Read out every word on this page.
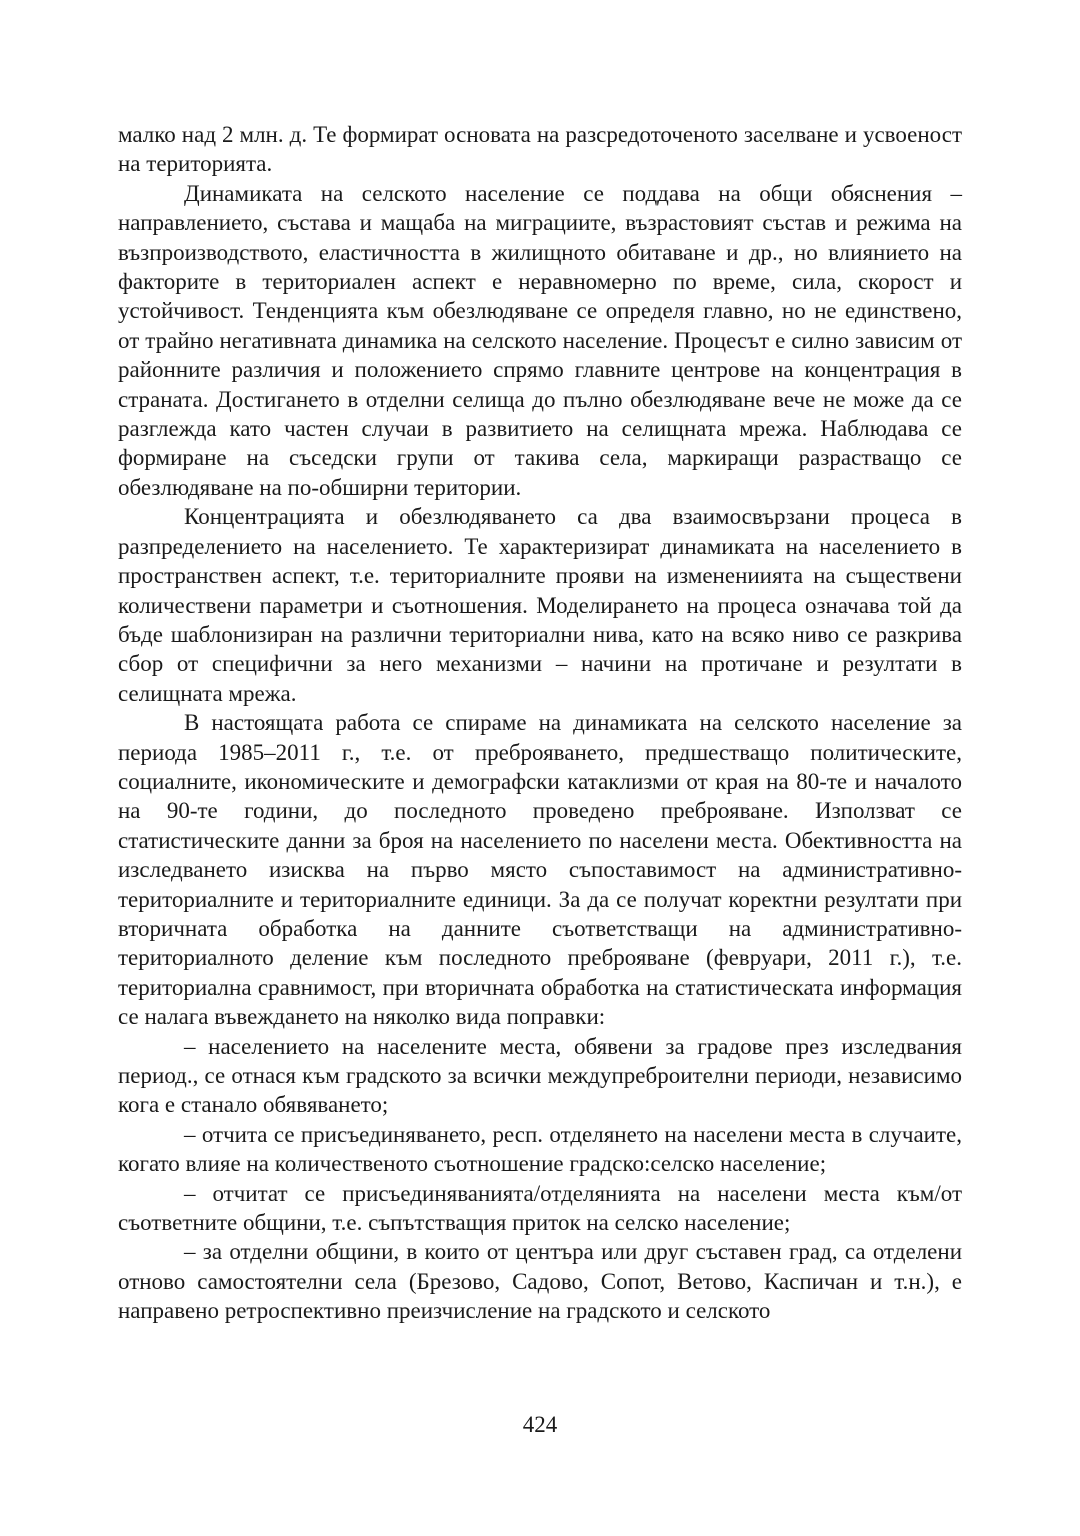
малко над 2 млн. д. Те формират основата на разсредоточеното заселване и усвоеност на територията.

Динамиката на селското население се поддава на общи обяснения – направлението, състава и мащаба на миграциите, възрастовият състав и режима на възпроизводството, еластичността в жилищното обитаване и др., но влиянието на факторите в териториален аспект е неравномерно по време, сила, скорост и устойчивост. Тенденцията към обезлюдяване се определя главно, но не единствено, от трайно негативната динамика на селското население. Процесът е силно зависим от районните различия и положението спрямо главните центрове на концентрация в страната. Достигането в отделни селища до пълно обезлюдяване вече не може да се разглежда като частен случаи в развитието на селищната мрежа. Наблюдава се формиране на съседски групи от такива села, маркиращи разрастващо се обезлюдяване на по-обширни територии.

Концентрацията и обезлюдяването са два взаимосвързани процеса в разпределението на населението. Те характеризират динамиката на населението в пространствен аспект, т.е. териториалните прояви на изменениията на съществени количествени параметри и съотношения. Моделирането на процеса означава той да бъде шаблонизиран на различни териториални нива, като на всяко ниво се разкрива сбор от специфични за него механизми – начини на протичане и резултати в селищната мрежа.

В настоящата работа се спираме на динамиката на селското население за периода 1985–2011 г., т.е. от преброяването, предшестващо политическите, социалните, икономическите и демографски катаклизми от края на 80-те и началото на 90-те години, до последното проведено преброяване. Използват се статистическите данни за броя на населението по населени места. Обективността на изследването изисква на първо място съпоставимост на административно-териториалните и териториалните единици. За да се получат коректни резултати при вторичната обработка на данните съответстващи на административно-териториалното деление към последното преброяване (февруари, 2011 г.), т.е. териториална сравнимост, при вторичната обработка на статистическата информация се налага въвеждането на няколко вида поправки:

– населението на населените места, обявени за градове през изследвания период., се отнася към градското за всички междупреброителни периоди, независимо кога е станало обявяването;

– отчита се присъединяването, респ. отделянето на населени места в случаите, когато влияе на количественото съотношение градско:селско население;

– отчитат се присъединяванията/отделянията на населени места към/от съответните общини, т.е. съпътстващия приток на селско население;

– за отделни общини, в които от центъра или друг съставен град, са отделени отново самостоятелни села (Брезово, Садово, Сопот, Ветово, Каспичан и т.н.), е направено ретроспективно преизчисление на градското и селското

424
